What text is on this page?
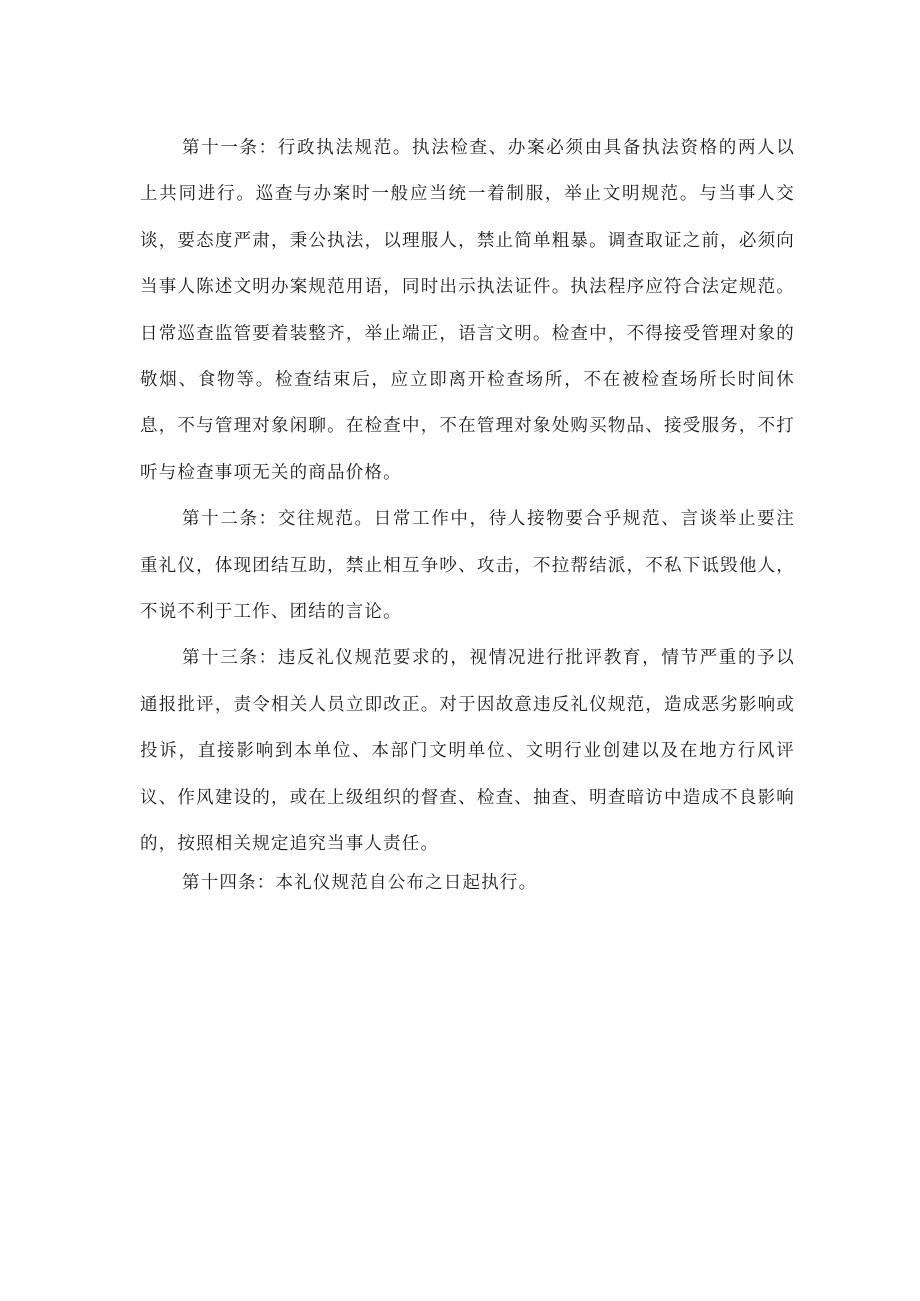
第十一条：行政执法规范。执法检查、办案必须由具备执法资格的两人以上共同进行。巡查与办案时一般应当统一着制服，举止文明规范。与当事人交谈，要态度严肃，秉公执法，以理服人，禁止简单粗暴。调查取证之前，必须向当事人陈述文明办案规范用语，同时出示执法证件。执法程序应符合法定规范。日常巡查监管要着装整齐，举止端正，语言文明。检查中，不得接受管理对象的敬烟、食物等。检查结束后，应立即离开检查场所，不在被检查场所长时间休息，不与管理对象闲聊。在检查中，不在管理对象处购买物品、接受服务，不打听与检查事项无关的商品价格。

第十二条：交往规范。日常工作中，待人接物要合乎规范、言谈举止要注重礼仪，体现团结互助，禁止相互争吵、攻击，不拉帮结派，不私下诋毁他人，不说不利于工作、团结的言论。

第十三条：违反礼仪规范要求的，视情况进行批评教育，情节严重的予以通报批评，责令相关人员立即改正。对于因故意违反礼仪规范，造成恶劣影响或投诉，直接影响到本单位、本部门文明单位、文明行业创建以及在地方行风评议、作风建设的，或在上级组织的督查、检查、抽查、明查暗访中造成不良影响的，按照相关规定追究当事人责任。

第十四条：本礼仪规范自公布之日起执行。
